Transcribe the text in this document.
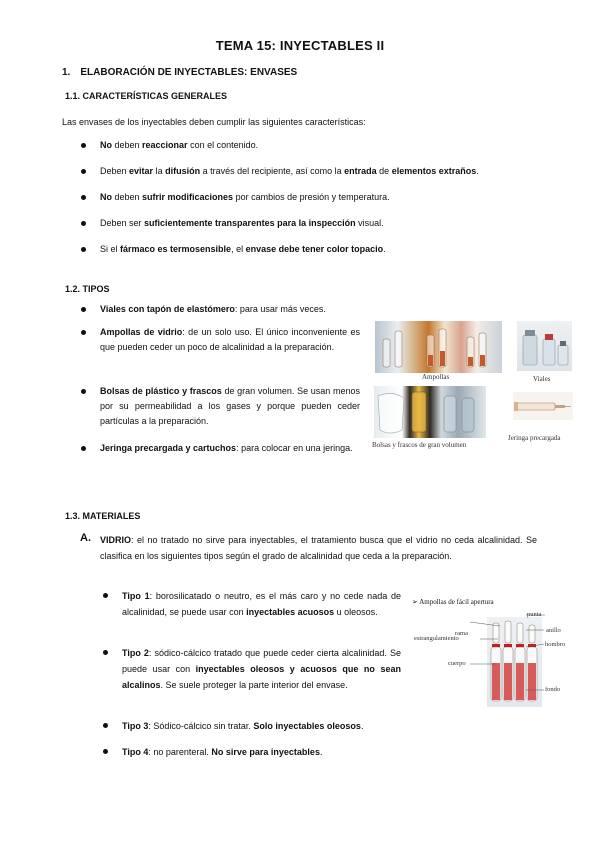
TEMA 15: INYECTABLES II
1. ELABORACIÓN DE INYECTABLES: ENVASES
1.1. CARACTERÍSTICAS GENERALES
Las envases de los inyectables deben cumplir las siguientes características:
No deben reaccionar con el contenido.
Deben evitar la difusión a través del recipiente, así como la entrada de elementos extraños.
No deben sufrir modificaciones por cambios de presión y temperatura.
Deben ser suficientemente transparentes para la inspección visual.
Si el fármaco es termosensible, el envase debe tener color topacio.
1.2. TIPOS
Viales con tapón de elastómero: para usar más veces.
Ampollas de vidrio: de un solo uso. El único inconveniente es que pueden ceder un poco de alcalinidad a la preparación.
Bolsas de plástico y frascos de gran volumen. Se usan menos por su permeabilidad a los gases y porque pueden ceder partículas a la preparación.
Jeringa precargada y cartuchos: para colocar en una jeringa.
Ampollas	Viales
Bolsas y frascos de gran volumen
Jeringa precargada
1.3. MATERIALES
A. VIDRIO: el no tratado no sirve para inyectables, el tratamiento busca que el vidrio no ceda alcalinidad. Se clasifica en los siguientes tipos según el grado de alcalinidad que ceda a la preparación.
Tipo 1: borosilicatado o neutro, es el más caro y no cede nada de alcalinidad, se puede usar con inyectables acuosos u oleosos.
Tipo 2: sódico-cálcico tratado que puede ceder cierta alcalinidad. Se puede usar con inyectables oleosos y acuosos que no sean alcalinos. Se suele proteger la parte interior del envase.
Tipo 3: Sódico-cálcico sin tratar. Solo inyectables oleosos.
Tipo 4: no parenteral. No sirve para inyectables.
➢ Ampollas de fácil apertura
punta
rama	anillo
estrangulamiento
hombro
cuerpo
fondo
